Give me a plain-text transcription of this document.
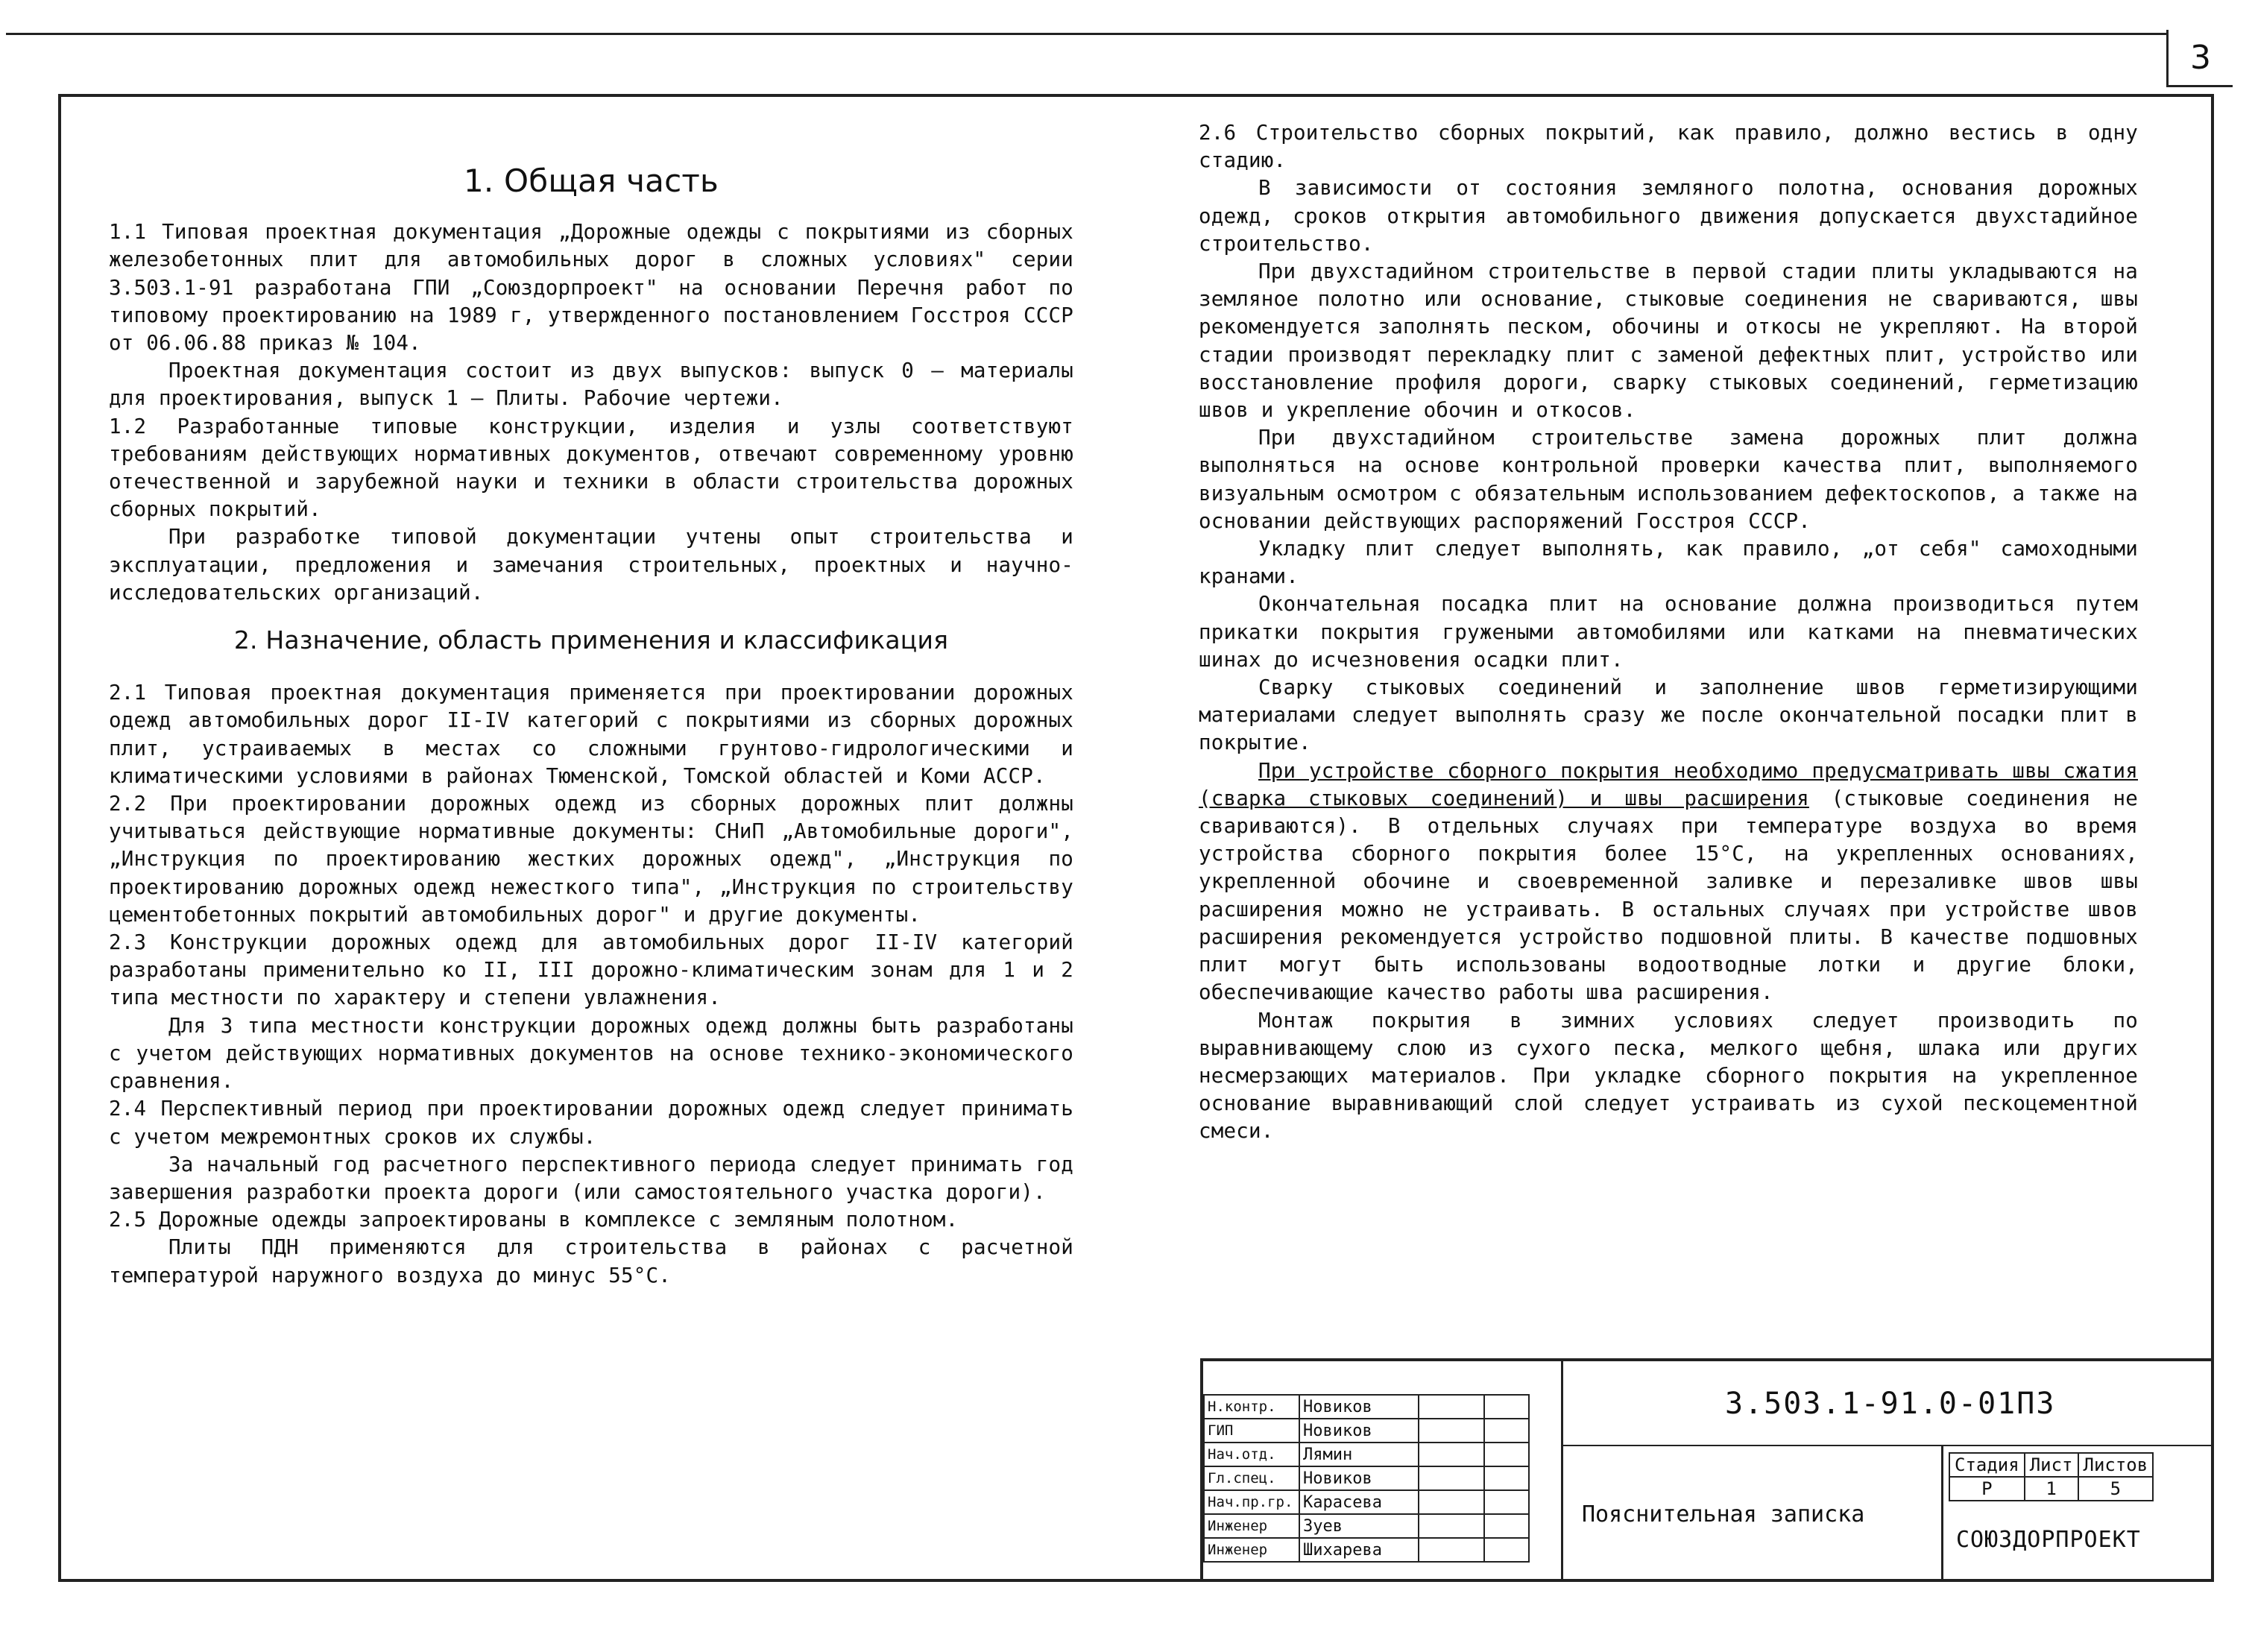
3
1. Общая часть

1.1 Типовая проектная документация „Дорожные одежды с покрытиями из сборных железобетонных плит для автомобильных дорог в сложных условиях" серии 3.503.1-91 разработана ГПИ „Союздорпроект" на основании Перечня работ по типовому проектированию на 1989 г, утвержденного постановлением Госстроя СССР от 06.06.88 приказ № 104.

Проектная документация состоит из двух выпусков: выпуск 0 — материалы для проектирования, выпуск 1 — Плиты. Рабочие чертежи.

1.2 Разработанные типовые конструкции, изделия и узлы соответствуют требованиям действующих нормативных документов, отвечают современному уровню отечественной и зарубежной науки и техники в области строительства дорожных сборных покрытий.

При разработке типовой документации учтены опыт строительства и эксплуатации, предложения и замечания строительных, проектных и научно-исследовательских организаций.

2. Назначение, область применения и классификация

2.1 Типовая проектная документация применяется при проектировании дорожных одежд автомобильных дорог II-IV категорий с покрытиями из сборных дорожных плит, устраиваемых в местах со сложными грунтово-гидрологическими и климатическими условиями в районах Тюменской, Томской областей и Коми АССР.

2.2 При проектировании дорожных одежд из сборных дорожных плит должны учитываться действующие нормативные документы: СНиП „Автомобильные дороги", „Инструкция по проектированию жестких дорожных одежд", „Инструкция по проектированию дорожных одежд нежесткого типа", „Инструкция по строительству цементобетонных покрытий автомобильных дорог" и другие документы.

2.3 Конструкции дорожных одежд для автомобильных дорог II-IV категорий разработаны применительно ко II, III дорожно-климатическим зонам для 1 и 2 типа местности по характеру и степени увлажнения.

Для 3 типа местности конструкции дорожных одежд должны быть разработаны с учетом действующих нормативных документов на основе технико-экономического сравнения.

2.4 Перспективный период при проектировании дорожных одежд следует принимать с учетом межремонтных сроков их службы.

За начальный год расчетного перспективного периода следует принимать год завершения разработки проекта дороги (или самостоятельного участка дороги).

2.5 Дорожные одежды запроектированы в комплексе с земляным полотном.

Плиты ПДН применяются для строительства в районах с расчетной температурой наружного воздуха до минус 55°С.

2.6 Строительство сборных покрытий, как правило, должно вестись в одну стадию.

В зависимости от состояния земляного полотна, основания дорожных одежд, сроков открытия автомобильного движения допускается двухстадийное строительство.

При двухстадийном строительстве в первой стадии плиты укладываются на земляное полотно или основание, стыковые соединения не свариваются, швы рекомендуется заполнять песком, обочины и откосы не укрепляют. На второй стадии производят перекладку плит с заменой дефектных плит, устройство или восстановление профиля дороги, сварку стыковых соединений, герметизацию швов и укрепление обочин и откосов.

При двухстадийном строительстве замена дорожных плит должна выполняться на основе контрольной проверки качества плит, выполняемого визуальным осмотром с обязательным использованием дефектоскопов, а также на основании действующих распоряжений Госстроя СССР.

Укладку плит следует выполнять, как правило, „от себя" самоходными кранами.

Окончательная посадка плит на основание должна производиться путем прикатки покрытия гружеными автомобилями или катками на пневматических шинах до исчезновения осадки плит.

Сварку стыковых соединений и заполнение швов герметизирующими материалами следует выполнять сразу же после окончательной посадки плит в покрытие.

При устройстве сборного покрытия необходимо предусматривать швы сжатия (сварка стыковых соединений) и швы расширения (стыковые соединения не свариваются). В отдельных случаях при температуре воздуха во время устройства сборного покрытия более 15°С, на укрепленных основаниях, укрепленной обочине и своевременной заливке и перезаливке швов швы расширения можно не устраивать. В остальных случаях при устройстве швов расширения рекомендуется устройство подшовной плиты. В качестве подшовных плит могут быть использованы водоотводные лотки и другие блоки, обеспечивающие качество работы шва расширения.

Монтаж покрытия в зимних условиях следует производить по выравнивающему слою из сухого песка, мелкого щебня, шлака или других несмерзающих материалов. При укладке сборного покрытия на укрепленное основание выравнивающий слой следует устраивать из сухой пескоцементной смеси.

Н.контр.	Новиков		
ГИП	Новиков		
Нач.отд.	Лямин		
Гл.спец.	Новиков		
Нач.пр.гр.	Карасева		
Инженер	Зуев		
Инженер	Шихарева		
3.503.1-91.0-01ПЗ
Пояснительная записка
Стадия	Лист	Листов
Р	1	5
СОЮЗДОРПРОЕКТ
